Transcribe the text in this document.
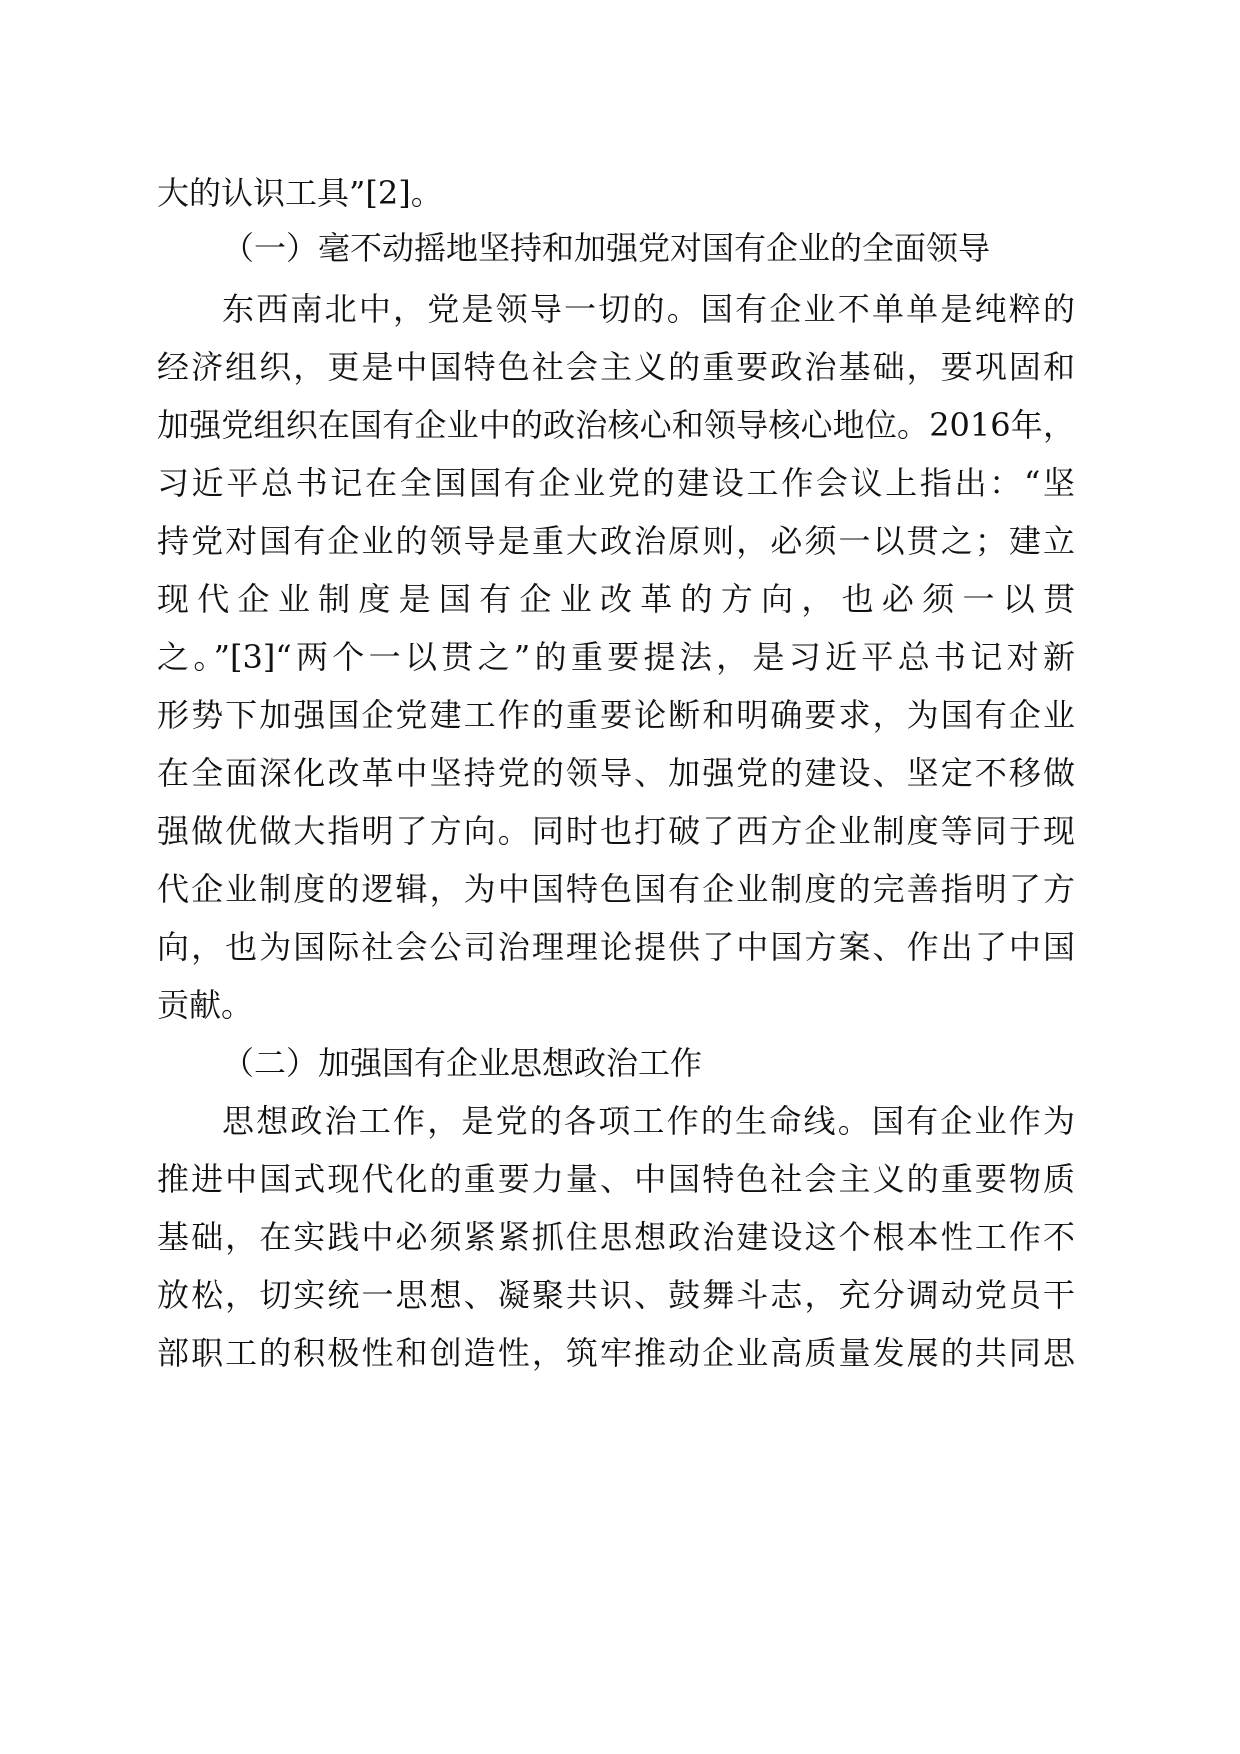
大的认识工具”[2]。
（一）毫不动摇地坚持和加强党对国有企业的全面领导
东西南北中，党是领导一切的。国有企业不单单是纯粹的
经济组织，更是中国特色社会主义的重要政治基础，要巩固和
加强党组织在国有企业中的政治核心和领导核心地位。2016年，
习近平总书记在全国国有企业党的建设工作会议上指出：“坚
持党对国有企业的领导是重大政治原则，必须一以贯之；建立
现代企业制度是国有企业改革的方向，也必须一以贯
之。”[3]“两个一以贯之”的重要提法，是习近平总书记对新
形势下加强国企党建工作的重要论断和明确要求，为国有企业
在全面深化改革中坚持党的领导、加强党的建设、坚定不移做
强做优做大指明了方向。同时也打破了西方企业制度等同于现
代企业制度的逻辑，为中国特色国有企业制度的完善指明了方
向，也为国际社会公司治理理论提供了中国方案、作出了中国
贡献。
（二）加强国有企业思想政治工作
思想政治工作，是党的各项工作的生命线。国有企业作为
推进中国式现代化的重要力量、中国特色社会主义的重要物质
基础，在实践中必须紧紧抓住思想政治建设这个根本性工作不
放松，切实统一思想、凝聚共识、鼓舞斗志，充分调动党员干
部职工的积极性和创造性，筑牢推动企业高质量发展的共同思
